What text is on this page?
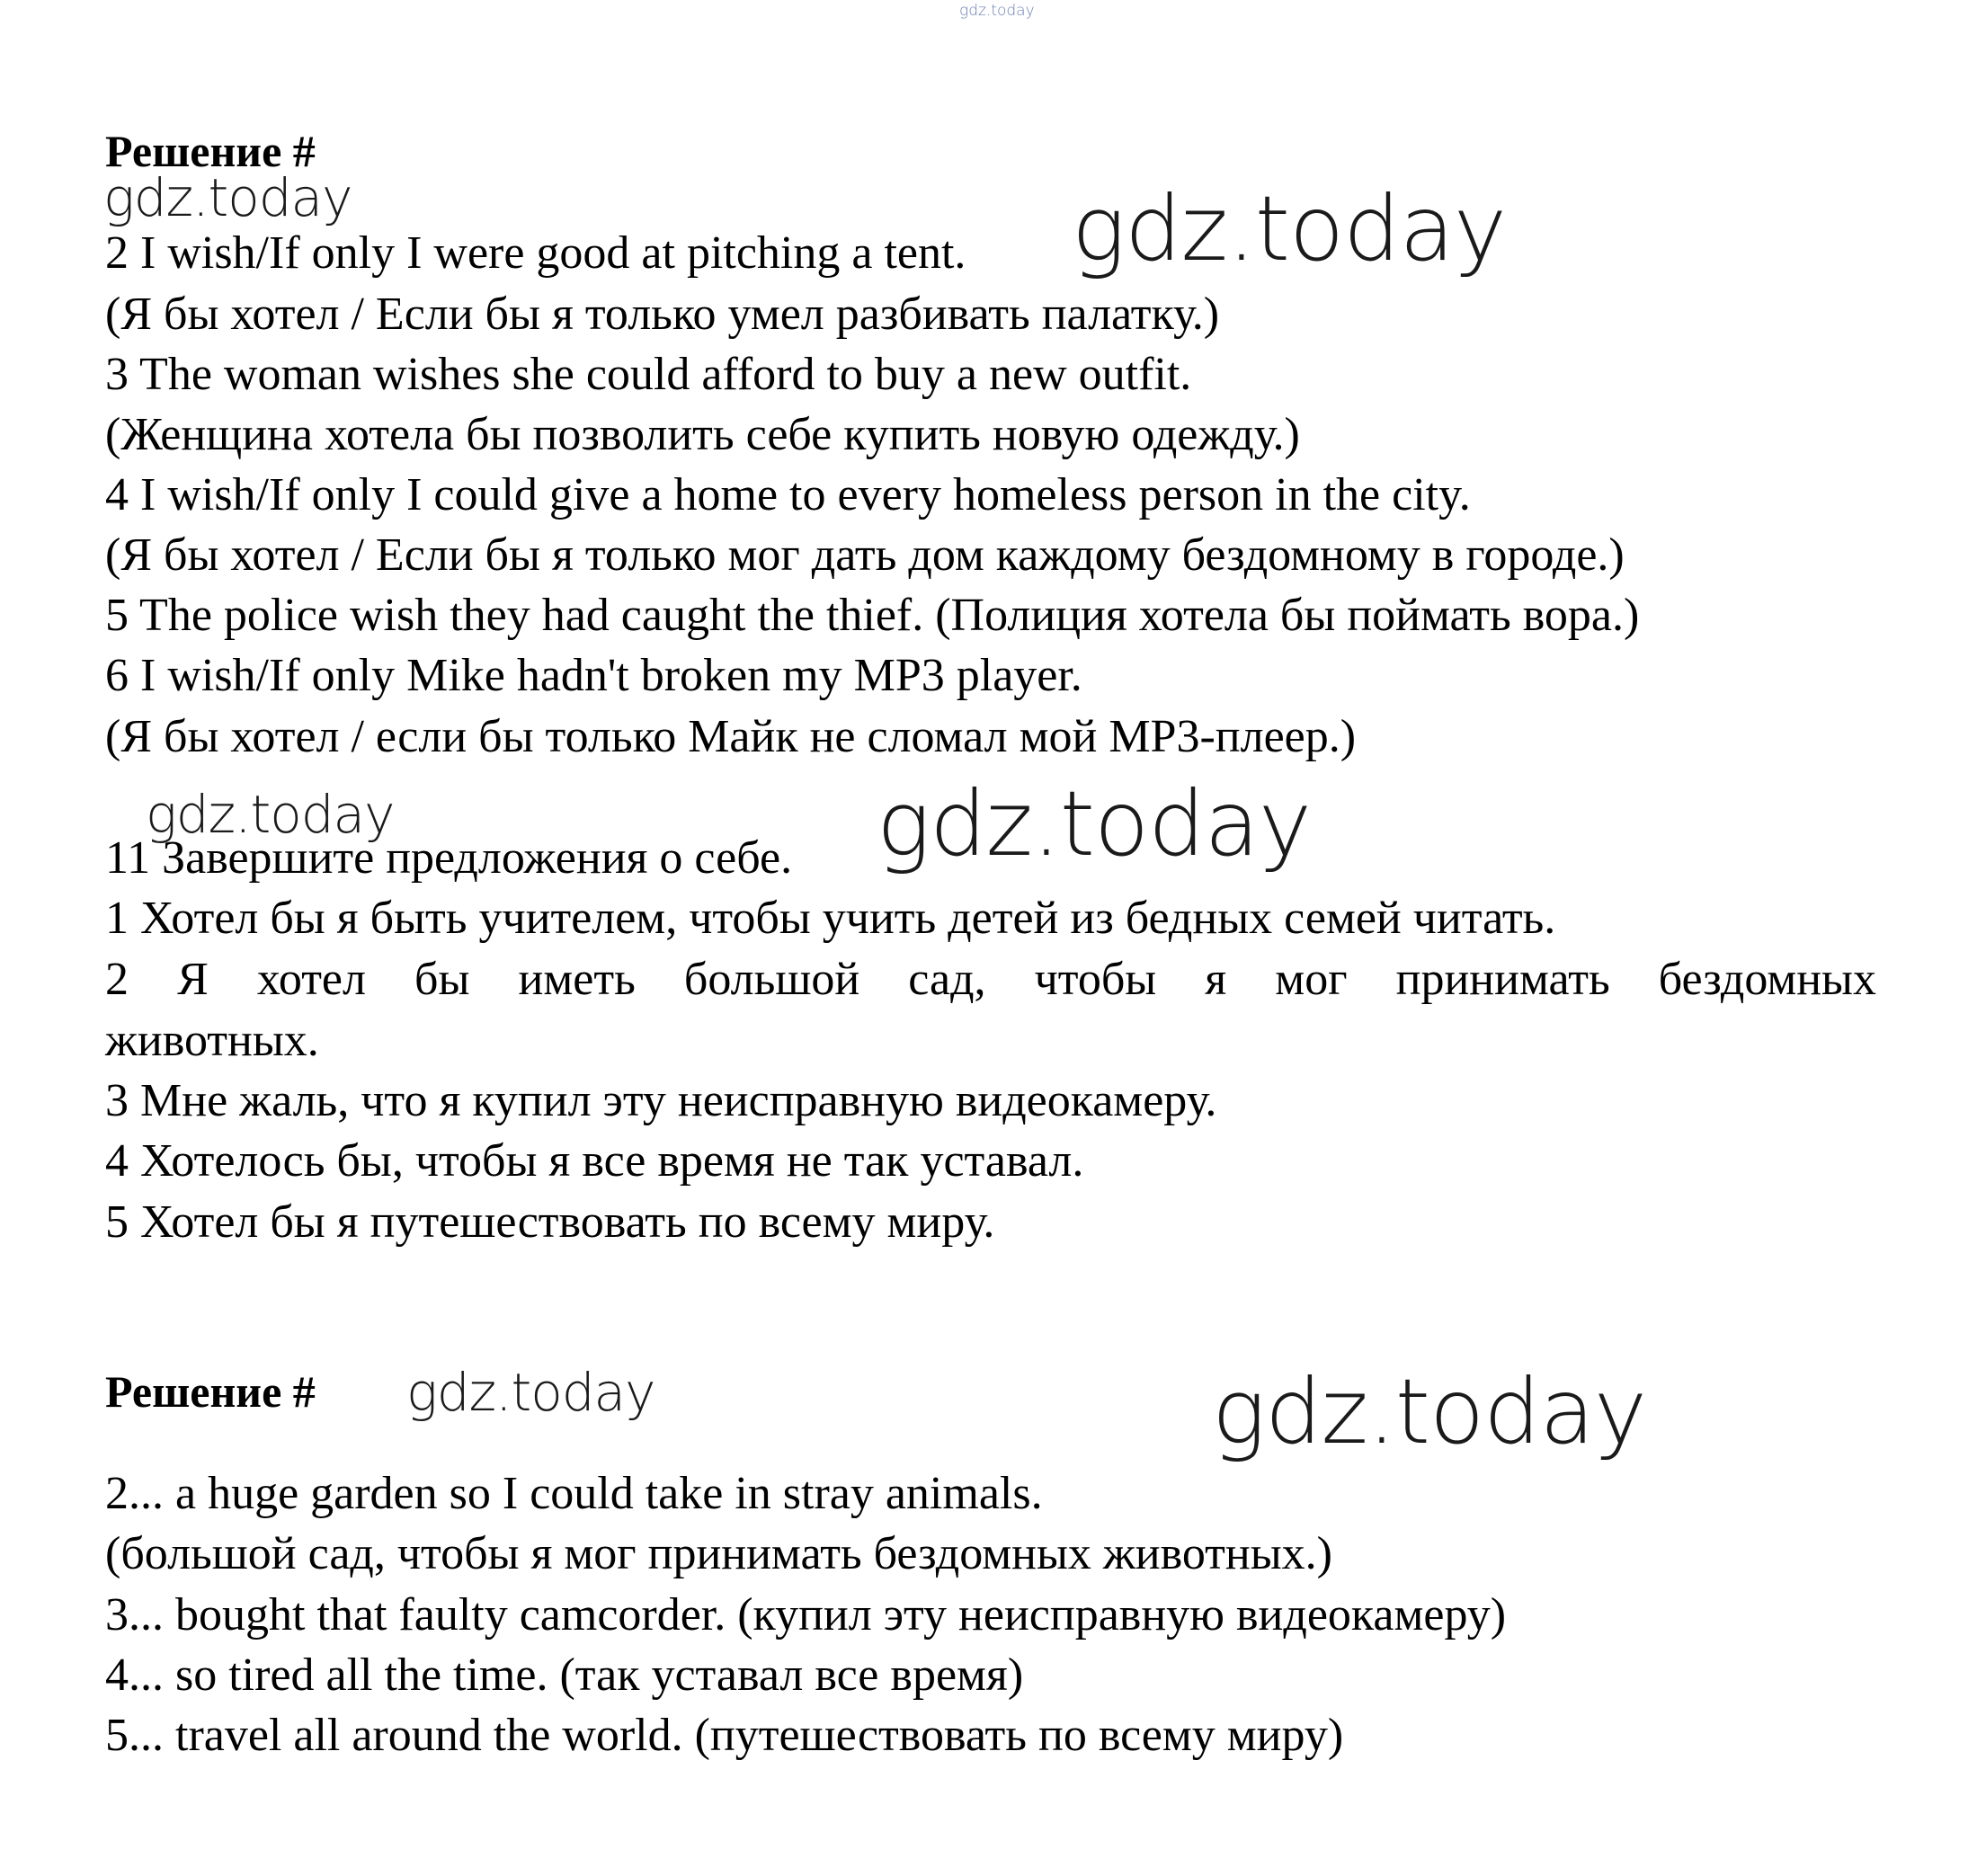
gdz.today
gdz.today	gdz.today
gdz.today	gdz.today
gdz.today	gdz.today
Решение #
2 I wish/If only I were good at pitching a tent.
(Я бы хотел / Если бы я только умел разбивать палатку.)
3 The woman wishes she could afford to buy a new outfit.
(Женщина хотела бы позволить себе купить новую одежду.)
4 I wish/If only I could give a home to every homeless person in the city.
(Я бы хотел / Если бы я только мог дать дом каждому бездомному в городе.)
5 The police wish they had caught the thief. (Полиция хотела бы поймать вора.)
6 I wish/If only Mike hadn't broken my MP3 player.
(Я бы хотел / если бы только Майк не сломал мой MP3-плеер.)
11 Завершите предложения о себе.
1 Хотел бы я быть учителем, чтобы учить детей из бедных семей читать.
2 Я хотел бы иметь большой сад, чтобы я мог принимать бездомных
животных.
3 Мне жаль, что я купил эту неисправную видеокамеру.
4 Хотелось бы, чтобы я все время не так уставал.
5 Хотел бы я путешествовать по всему миру.
Решение #
2... a huge garden so I could take in stray animals.
(большой сад, чтобы я мог принимать бездомных животных.)
3... bought that faulty camcorder. (купил эту неисправную видеокамеру)
4... so tired all the time. (так уставал все время)
5... travel all around the world. (путешествовать по всему миру)
